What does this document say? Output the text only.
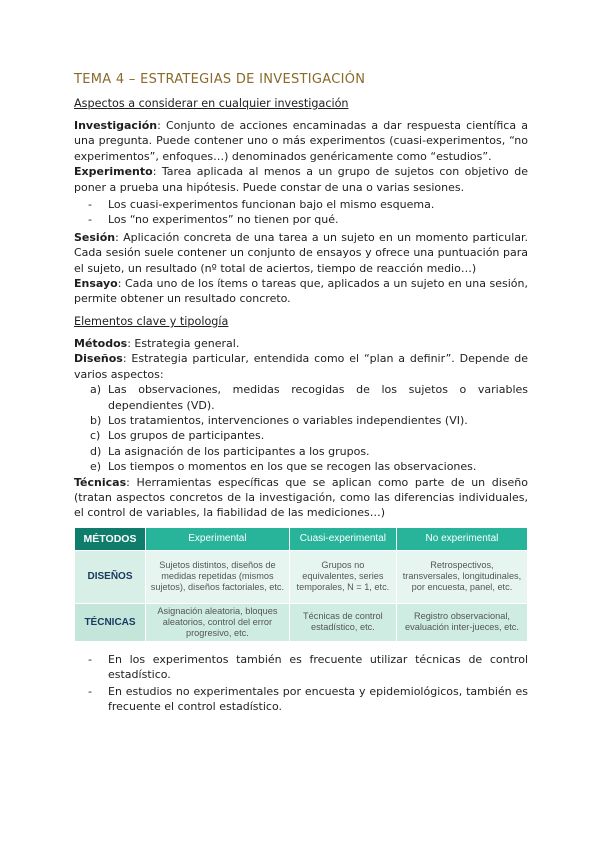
TEMA 4 – ESTRATEGIAS DE INVESTIGACIÓN
Aspectos a considerar en cualquier investigación

Investigación: Conjunto de acciones encaminadas a dar respuesta científica a una pregunta. Puede contener uno o más experimentos (cuasi-experimentos, “no experimentos”, enfoques…) denominados genéricamente como “estudios”.

Experimento: Tarea aplicada al menos a un grupo de sujetos con objetivo de poner a prueba una hipótesis. Puede constar de una o varias sesiones.

- Los cuasi-experimentos funcionan bajo el mismo esquema.
- Los “no experimentos” no tienen por qué.

Sesión: Aplicación concreta de una tarea a un sujeto en un momento particular. Cada sesión suele contener un conjunto de ensayos y ofrece una puntuación para el sujeto, un resultado (nº total de aciertos, tiempo de reacción medio…)

Ensayo: Cada uno de los ítems o tareas que, aplicados a un sujeto en una sesión, permite obtener un resultado concreto.

Elementos clave y tipología

Métodos: Estrategia general.

Diseños: Estrategia particular, entendida como el “plan a definir”. Depende de varios aspectos:

a) Las observaciones, medidas recogidas de los sujetos o variables dependientes (VD).
b) Los tratamientos, intervenciones o variables independientes (VI).
c) Los grupos de participantes.
d) La asignación de los participantes a los grupos.
e) Los tiempos o momentos en los que se recogen las observaciones.

Técnicas: Herramientas específicas que se aplican como parte de un diseño (tratan aspectos concretos de la investigación, como las diferencias individuales, el control de variables, la fiabilidad de las mediciones…)

MÉTODOS	Experimental	Cuasi-experimental	No experimental
DISEÑOS	Sujetos distintos, diseños de medidas repetidas (mismos sujetos), diseños factoriales, etc.	Grupos no equivalentes, series temporales, N = 1, etc.	Retrospectivos, transversales, longitudinales, por encuesta, panel, etc.
TÉCNICAS	Asignación aleatoria, bloques aleatorios, control del error progresivo, etc.	Técnicas de control estadístico, etc.	Registro observacional, evaluación inter-jueces, etc.
- En los experimentos también es frecuente utilizar técnicas de control estadístico.
- En estudios no experimentales por encuesta y epidemiológicos, también es frecuente el control estadístico.
